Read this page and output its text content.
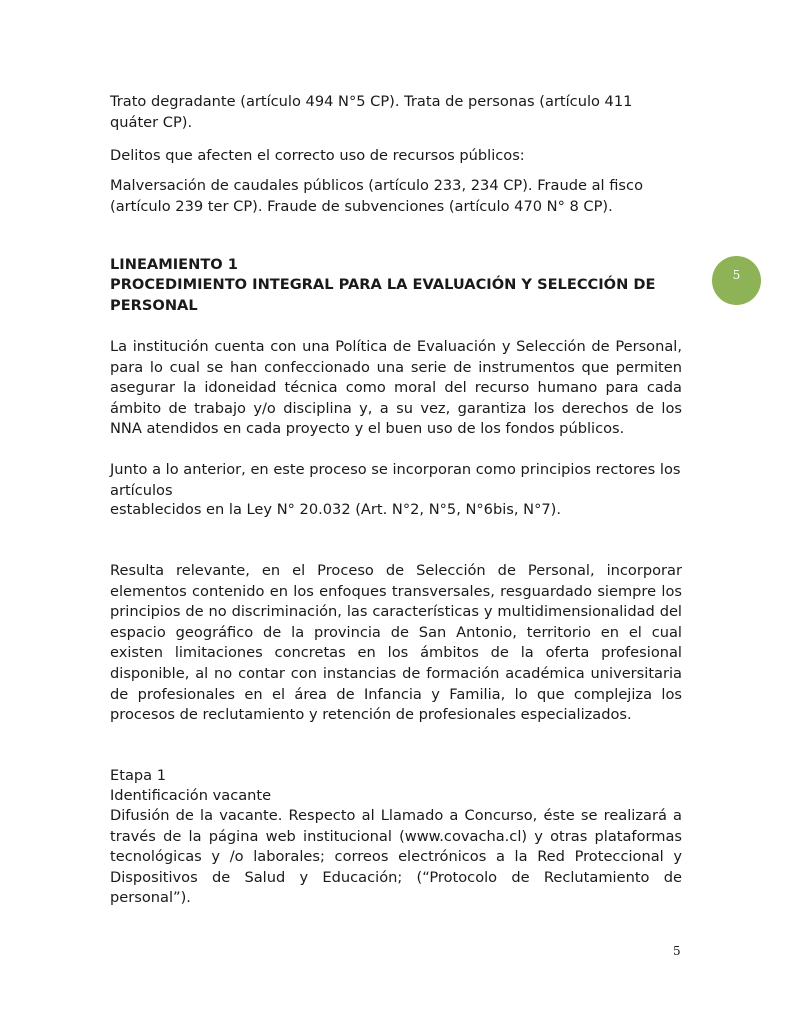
Trato degradante (artículo 494 N°5 CP). Trata de personas (artículo 411 quáter CP).

Delitos que afecten el correcto uso de recursos públicos:

Malversación de caudales públicos (artículo 233, 234 CP). Fraude al fisco (artículo 239 ter CP). Fraude de subvenciones (artículo 470 N° 8 CP).

LINEAMIENTO 1

PROCEDIMIENTO INTEGRAL PARA LA EVALUACIÓN Y SELECCIÓN DE PERSONAL

La institución cuenta con una Política de Evaluación y Selección de Personal, para lo cual se han confeccionado una serie de instrumentos que permiten asegurar la idoneidad técnica como moral del recurso humano para cada ámbito de trabajo y/o disciplina y, a su vez, garantiza los derechos de los NNA atendidos en cada proyecto y el buen uso de los fondos públicos.

Junto a lo anterior, en este proceso se incorporan como principios rectores los artículos

establecidos en la Ley N° 20.032 (Art. N°2, N°5, N°6bis, N°7).

Resulta relevante, en el Proceso de Selección de Personal, incorporar elementos contenido en los enfoques transversales, resguardado siempre los principios de no discriminación, las características y multidimensionalidad del espacio geográfico de la provincia de San Antonio, territorio en el cual existen limitaciones concretas en los ámbitos de la oferta profesional disponible, al no contar con instancias de formación académica universitaria de profesionales en el área de Infancia y Familia, lo que complejiza los procesos de reclutamiento y retención de profesionales especializados.

Etapa 1

Identificación vacante

Difusión de la vacante. Respecto al Llamado a Concurso, éste se realizará a través de la página web institucional (www.covacha.cl) y otras plataformas tecnológicas y /o laborales; correos electrónicos a la Red Proteccional y Dispositivos de Salud y Educación; (“Protocolo de Reclutamiento de personal”).

5
5
